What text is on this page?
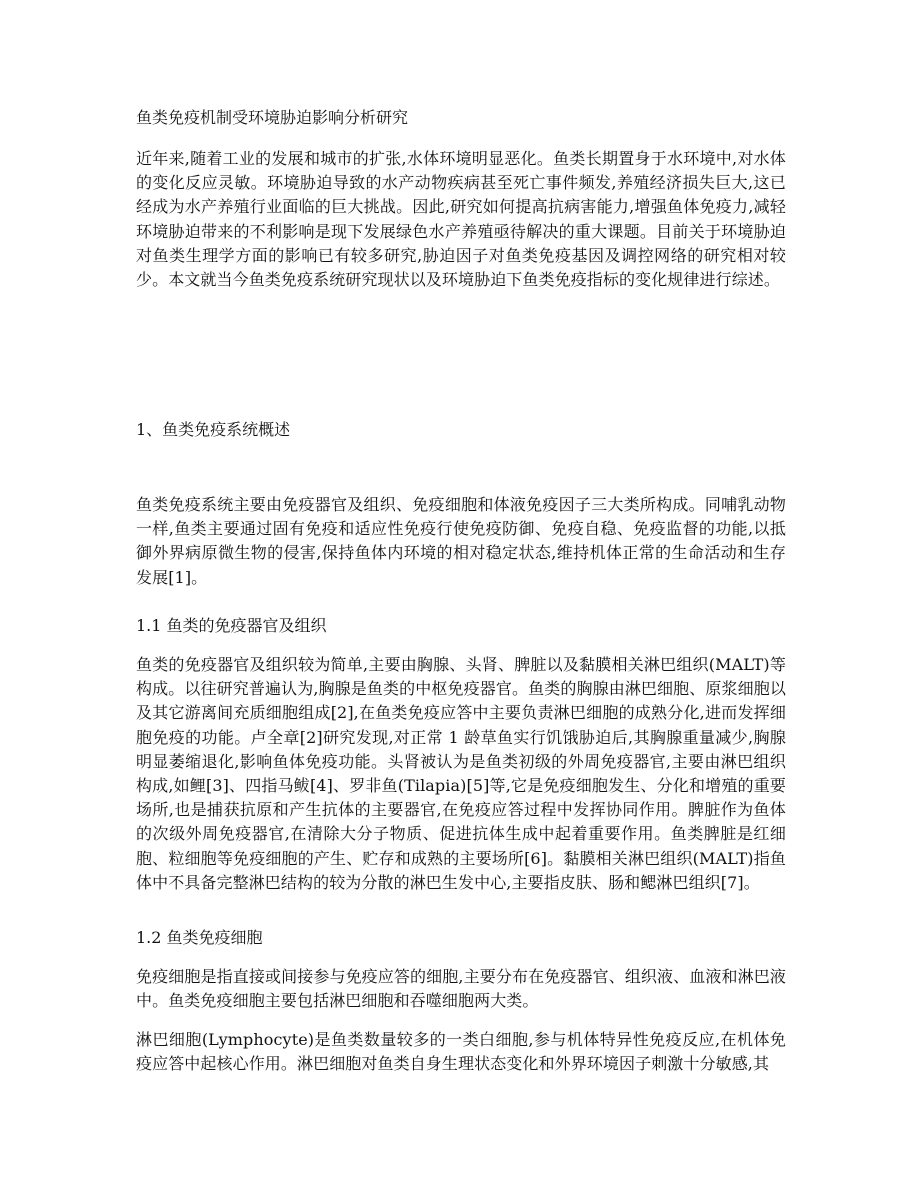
鱼类免疫机制受环境胁迫影响分析研究

近年来,随着工业的发展和城市的扩张,水体环境明显恶化。鱼类长期置身于水环境中,对水体的变化反应灵敏。环境胁迫导致的水产动物疾病甚至死亡事件频发,养殖经济损失巨大,这已经成为水产养殖行业面临的巨大挑战。因此,研究如何提高抗病害能力,增强鱼体免疫力,减轻环境胁迫带来的不利影响是现下发展绿色水产养殖亟待解决的重大课题。目前关于环境胁迫对鱼类生理学方面的影响已有较多研究,胁迫因子对鱼类免疫基因及调控网络的研究相对较少。本文就当今鱼类免疫系统研究现状以及环境胁迫下鱼类免疫指标的变化规律进行综述。

1、鱼类免疫系统概述

鱼类免疫系统主要由免疫器官及组织、免疫细胞和体液免疫因子三大类所构成。同哺乳动物一样,鱼类主要通过固有免疫和适应性免疫行使免疫防御、免疫自稳、免疫监督的功能,以抵御外界病原微生物的侵害,保持鱼体内环境的相对稳定状态,维持机体正常的生命活动和生存发展[1]。

1.1 鱼类的免疫器官及组织

鱼类的免疫器官及组织较为简单,主要由胸腺、头肾、脾脏以及黏膜相关淋巴组织(MALT)等构成。以往研究普遍认为,胸腺是鱼类的中枢免疫器官。鱼类的胸腺由淋巴细胞、原浆细胞以及其它游离间充质细胞组成[2],在鱼类免疫应答中主要负责淋巴细胞的成熟分化,进而发挥细胞免疫的功能。卢全章[2]研究发现,对正常 1 龄草鱼实行饥饿胁迫后,其胸腺重量减少,胸腺明显萎缩退化,影响鱼体免疫功能。头肾被认为是鱼类初级的外周免疫器官,主要由淋巴组织构成,如鲤[3]、四指马鲅[4]、罗非鱼(Tilapia)[5]等,它是免疫细胞发生、分化和增殖的重要场所,也是捕获抗原和产生抗体的主要器官,在免疫应答过程中发挥协同作用。脾脏作为鱼体的次级外周免疫器官,在清除大分子物质、促进抗体生成中起着重要作用。鱼类脾脏是红细胞、粒细胞等免疫细胞的产生、贮存和成熟的主要场所[6]。黏膜相关淋巴组织(MALT)指鱼体中不具备完整淋巴结构的较为分散的淋巴生发中心,主要指皮肤、肠和鳃淋巴组织[7]。

1.2 鱼类免疫细胞

免疫细胞是指直接或间接参与免疫应答的细胞,主要分布在免疫器官、组织液、血液和淋巴液中。鱼类免疫细胞主要包括淋巴细胞和吞噬细胞两大类。

淋巴细胞(Lymphocyte)是鱼类数量较多的一类白细胞,参与机体特异性免疫反应,在机体免疫应答中起核心作用。淋巴细胞对鱼类自身生理状态变化和外界环境因子刺激十分敏感,其
